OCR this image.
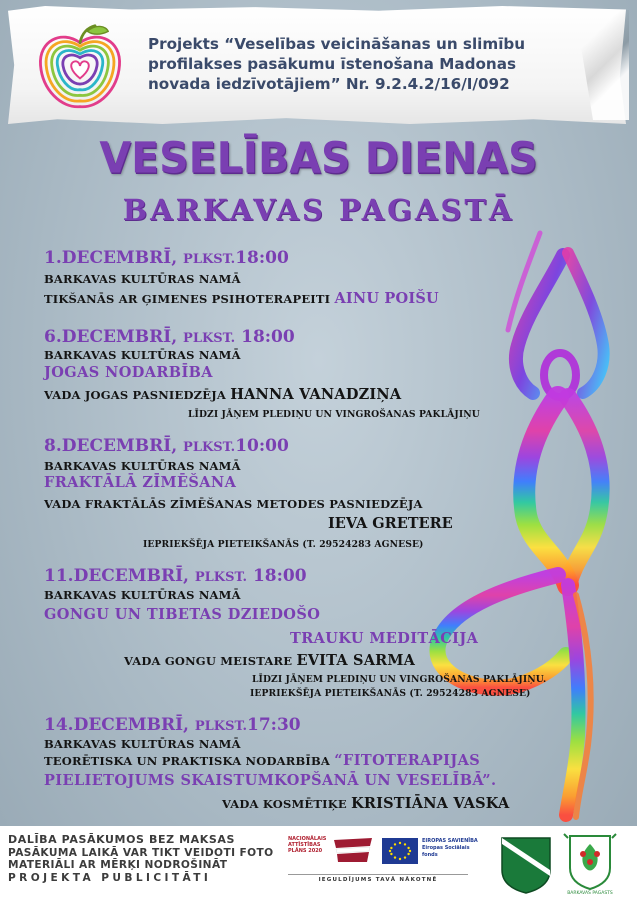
Projekts “Veselības veicināšanas un slimību
profilakses pasākumu īstenošana Madonas
novada iedzīvotājiem” Nr. 9.2.4.2/16/I/092
VESELĪBAS DIENAS
BARKAVAS PAGASTĀ
1.DECEMBRĪ, PLKST.18:00
BARKAVAS KULTŪRAS NAMĀ
TIKŠANĀS AR ĢIMENES PSIHOTERAPEITI AINU POIŠU
6.DECEMBRĪ, PLKST. 18:00
BARKAVAS KULTŪRAS NAMĀ
JOGAS NODARBĪBA
VADA JOGAS PASNIEDZĒJA HANNA VANADZIŅA
LĪDZI JĀŅEM PLEDIŅU UN VINGROŠANAS PAKLĀJIŅU
8.DECEMBRĪ, PLKST.10:00
BARKAVAS KULTŪRAS NAMĀ
FRAKTĀLĀ ZĪMĒŠANA
VADA FRAKTĀLĀS ZĪMĒŠANAS METODES PASNIEDZĒJA
IEVA GRETERE
IEPRIEKŠĒJA PIETEIKŠANĀS (T. 29524283 AGNESE)
11.DECEMBRĪ, PLKST. 18:00
BARKAVAS KULTŪRAS NAMĀ
GONGU UN TIBETAS DZIEDOŠO
TRAUKU MEDITĀCIJA
VADA GONGU MEISTARE EVITA SARMA
LĪDZI JĀŅEM PLEDIŅU UN VINGROŠANAS PAKLĀJIŅU.
IEPRIEKŠĒJA PIETEIKŠANĀS (T. 29524283 AGNESE)
14.DECEMBRĪ, PLKST.17:30
BARKAVAS KULTŪRAS NAMĀ
TEORĒTISKA UN PRAKTISKA NODARBĪBA “FITOTERAPIJAS
PIELIETOJUMS SKAISTUMKOPŠANĀ UN VESELĪBĀ”.
VADA KOSMĒTIĶE KRISTIĀNA VASKA
DALĪBA PASĀKUMOS BEZ MAKSAS
PASĀKUMA LAIKĀ VAR TIKT VEIDOTI FOTO
MATERIĀLI AR MĒRĶI NODROŠINĀT
PROJEKTA PUBLICITĀTI
NACIONĀLAIS
ATTĪSTĪBAS
PLĀNS 2020
EIROPAS SAVIENĪBA
Eiropas Sociālais
fonds
IEGULDĪJUMS TAVĀ NĀKOTNĒ
BARKAVAS PAGASTS
